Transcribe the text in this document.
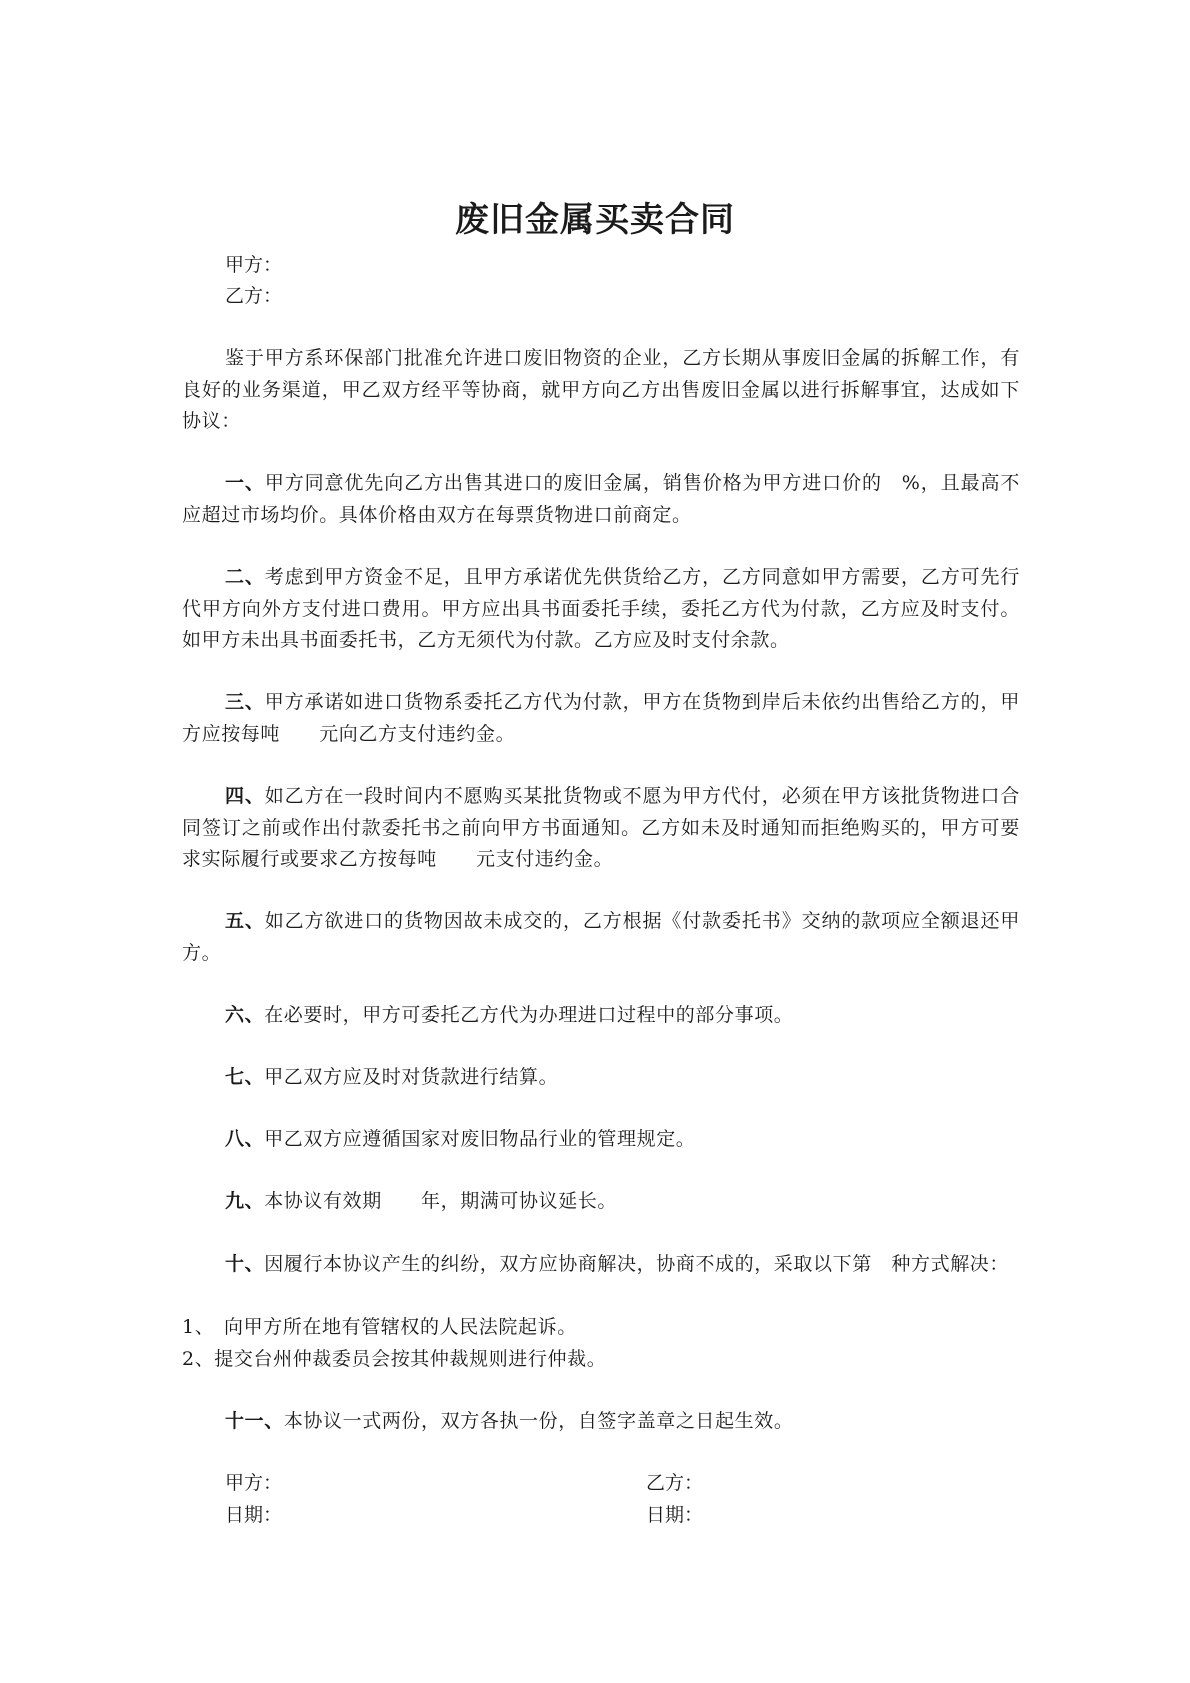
废旧金属买卖合同
甲方：
乙方：

鉴于甲方系环保部门批准允许进口废旧物资的企业，乙方长期从事废旧金属的拆解工作，有良好的业务渠道，甲乙双方经平等协商，就甲方向乙方出售废旧金属以进行拆解事宜，达成如下协议：

一、甲方同意优先向乙方出售其进口的废旧金属，销售价格为甲方进口价的　%，且最高不应超过市场均价。具体价格由双方在每票货物进口前商定。

二、考虑到甲方资金不足，且甲方承诺优先供货给乙方，乙方同意如甲方需要，乙方可先行代甲方向外方支付进口费用。甲方应出具书面委托手续，委托乙方代为付款，乙方应及时支付。如甲方未出具书面委托书，乙方无须代为付款。乙方应及时支付余款。

三、甲方承诺如进口货物系委托乙方代为付款，甲方在货物到岸后未依约出售给乙方的，甲方应按每吨　　元向乙方支付违约金。

四、如乙方在一段时间内不愿购买某批货物或不愿为甲方代付，必须在甲方该批货物进口合同签订之前或作出付款委托书之前向甲方书面通知。乙方如未及时通知而拒绝购买的，甲方可要求实际履行或要求乙方按每吨　　元支付违约金。

五、如乙方欲进口的货物因故未成交的，乙方根据《付款委托书》交纳的款项应全额退还甲方。

六、在必要时，甲方可委托乙方代为办理进口过程中的部分事项。

七、甲乙双方应及时对货款进行结算。

八、甲乙双方应遵循国家对废旧物品行业的管理规定。

九、本协议有效期　　年，期满可协议延长。

十、因履行本协议产生的纠纷，双方应协商解决，协商不成的，采取以下第　种方式解决：

1、 向甲方所在地有管辖权的人民法院起诉。
2、提交台州仲裁委员会按其仲裁规则进行仲裁。

十一、本协议一式两份，双方各执一份，自签字盖章之日起生效。

甲方：
日期：
乙方：
日期：
